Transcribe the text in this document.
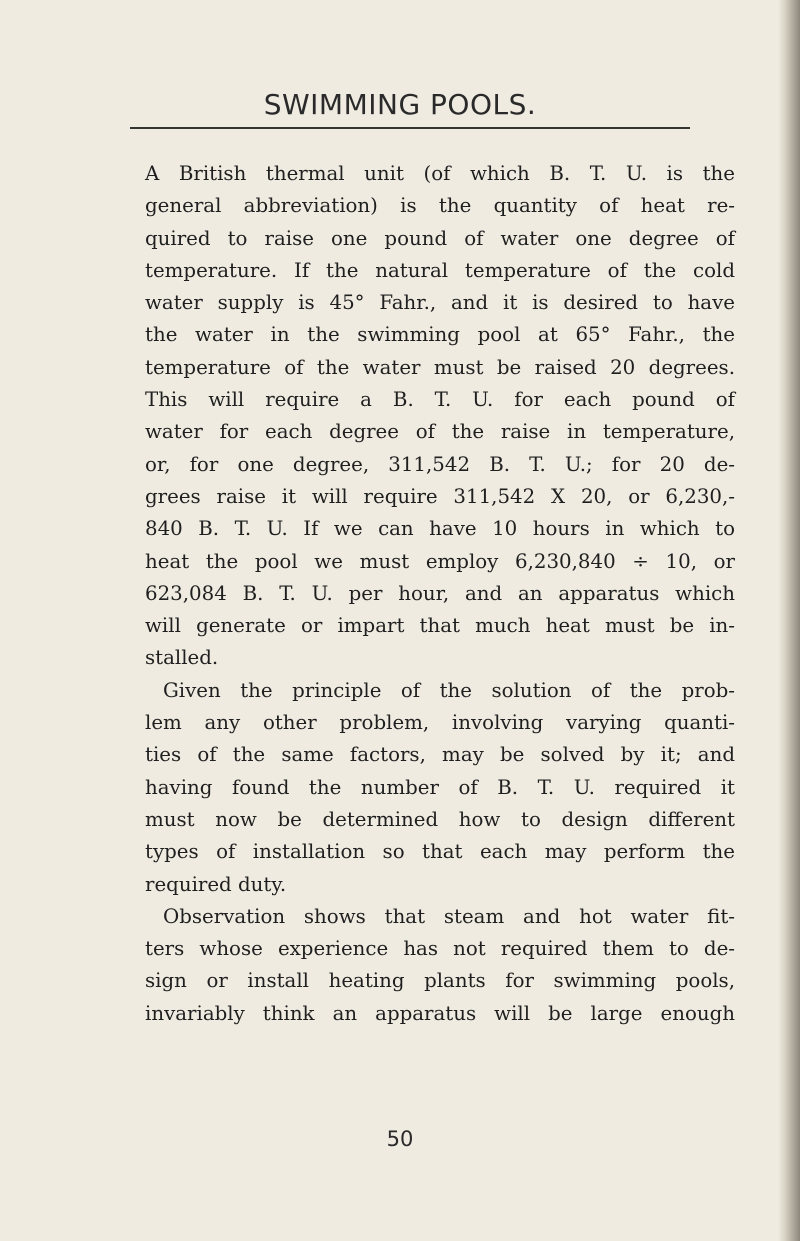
SWIMMING POOLS.
A British thermal unit (of which B. T. U. is the
general abbreviation) is the quantity of heat re-
quired to raise one pound of water one degree of
temperature. If the natural temperature of the cold
water supply is 45° Fahr., and it is desired to have
the water in the swimming pool at 65° Fahr., the
temperature of the water must be raised 20 degrees.
This will require a B. T. U. for each pound of
water for each degree of the raise in temperature,
or, for one degree, 311,542 B. T. U.; for 20 de-
grees raise it will require 311,542 X 20, or 6,230,-
840 B. T. U. If we can have 10 hours in which to
heat the pool we must employ 6,230,840 ÷ 10, or
623,084 B. T. U. per hour, and an apparatus which
will generate or impart that much heat must be in-
stalled.
Given the principle of the solution of the prob-
lem any other problem, involving varying quanti-
ties of the same factors, may be solved by it; and
having found the number of B. T. U. required it
must now be determined how to design different
types of installation so that each may perform the
required duty.
Observation shows that steam and hot water fit-
ters whose experience has not required them to de-
sign or install heating plants for swimming pools,
invariably think an apparatus will be large enough
50
